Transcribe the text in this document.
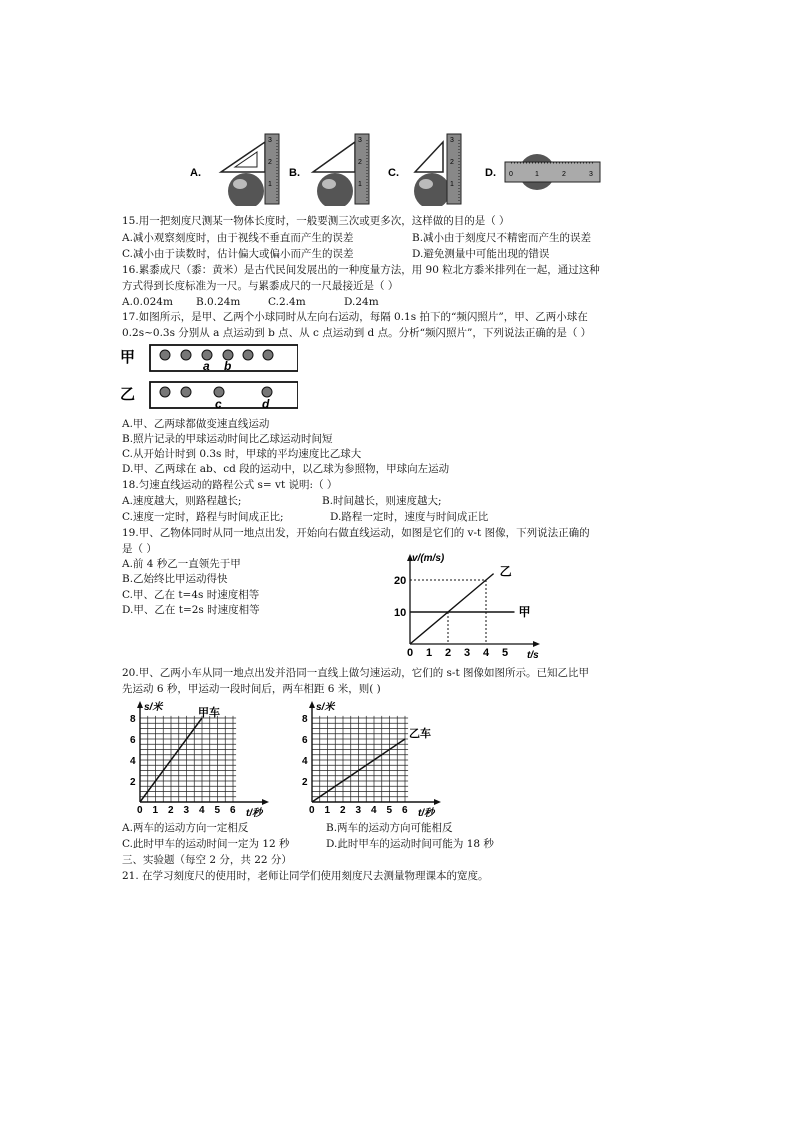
A.	B.	C.	D.
3
2
1
3
2
1
3
2
1
0	1	2	3
15.用一把刻度尺测某一物体长度时，一般要测三次或更多次，这样做的目的是（ ）
A.减小观察刻度时，由于视线不垂直而产生的误差	B.减小由于刻度尺不精密而产生的误差
C.减小由于读数时，估计偏大或偏小而产生的误差	D.避免测量中可能出现的错误
16.累黍成尺（黍：黄米）是古代民间发展出的一种度量方法，用 90 粒北方黍米排列在一起，通过这种
方式得到长度标准为一尺。与累黍成尺的一尺最接近是（ ）
A.0.024m B.0.24m	C.2.4m	D.24m
17.如图所示，是甲、乙两个小球同时从左向右运动，每隔 0.1s 拍下的“频闪照片”，甲、乙两小球在
0.2s~0.3s 分别从 a 点运动到 b 点、从 c 点运动到 d 点。分析“频闪照片”，下列说法正确的是（ ）
甲	a b
乙
c	d
A.甲、乙两球都做变速直线运动
B.照片记录的甲球运动时间比乙球运动时间短
C.从开始计时到 0.3s 时，甲球的平均速度比乙球大
D.甲、乙两球在 ab、cd 段的运动中，以乙球为参照物，甲球向左运动
18.匀速直线运动的路程公式 s= vt 说明:（ ）
A.速度越大，则路程越长;	B.时间越长，则速度越大;
C.速度一定时，路程与时间成正比;	D.路程一定时，速度与时间成正比
19.甲、乙物体同时从同一地点出发，开始向右做直线运动，如图是它们的 v-t 图像，下列说法正确的
是（ ）
A.前 4 秒乙一直领先于甲
B.乙始终比甲运动得快
C.甲、乙在 t=4s 时速度相等
D.甲、乙在 t=2s 时速度相等
v/(m/s)
t/s
0 1 2 3 4 5
10
20
乙
甲
20.甲、乙两小车从同一地点出发并沿同一直线上做匀速运动，它们的 s-t 图像如图所示。已知乙比甲
先运动 6 秒，甲运动一段时间后，两车相距 6 米，则( )
s/米
t/秒
0 1 2 3 4 5 6
2
4
6
8
甲车	s/米
t/秒
0 1 2 3 4 5 6
2
4
6
8
乙车
A.两车的运动方向一定相反	B.两车的运动方向可能相反
C.此时甲车的运动时间一定为 12 秒	D.此时甲车的运动时间可能为 18 秒
三、实验题（每空 2 分，共 22 分）
21. 在学习刻度尺的使用时，老师让同学们使用刻度尺去测量物理课本的宽度。
